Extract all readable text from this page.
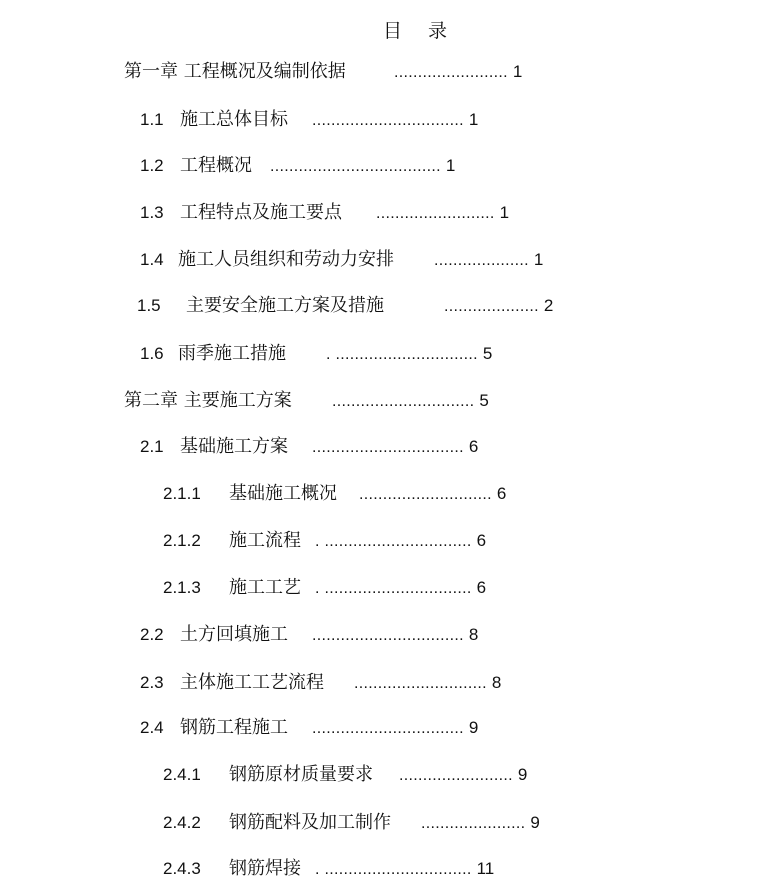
目 录
第一章 工程概况及编制依据	........................ 1
1.1 施工总体目标	................................ 1
1.2 工程概况	.................................... 1
1.3 工程特点及施工要点	......................... 1
1.4 施工人员组织和劳动力安排	.................... 1
1.5	主要安全施工方案及措施	.................... 2
1.6 雨季施工措施	. .............................. 5
第二章 主要施工方案	.............................. 5
2.1 基础施工方案	................................ 6
2.1.1	基础施工概况	............................ 6
2.1.2	施工流程 . ............................... 6
2.1.3	施工工艺 . ............................... 6
2.2 土方回填施工	................................ 8
2.3 主体施工工艺流程	............................ 8
2.4 钢筋工程施工	................................ 9
2.4.1	钢筋原材质量要求	........................ 9
2.4.2	钢筋配料及加工制作	...................... 9
2.4.3	钢筋焊接 . ............................... 11
